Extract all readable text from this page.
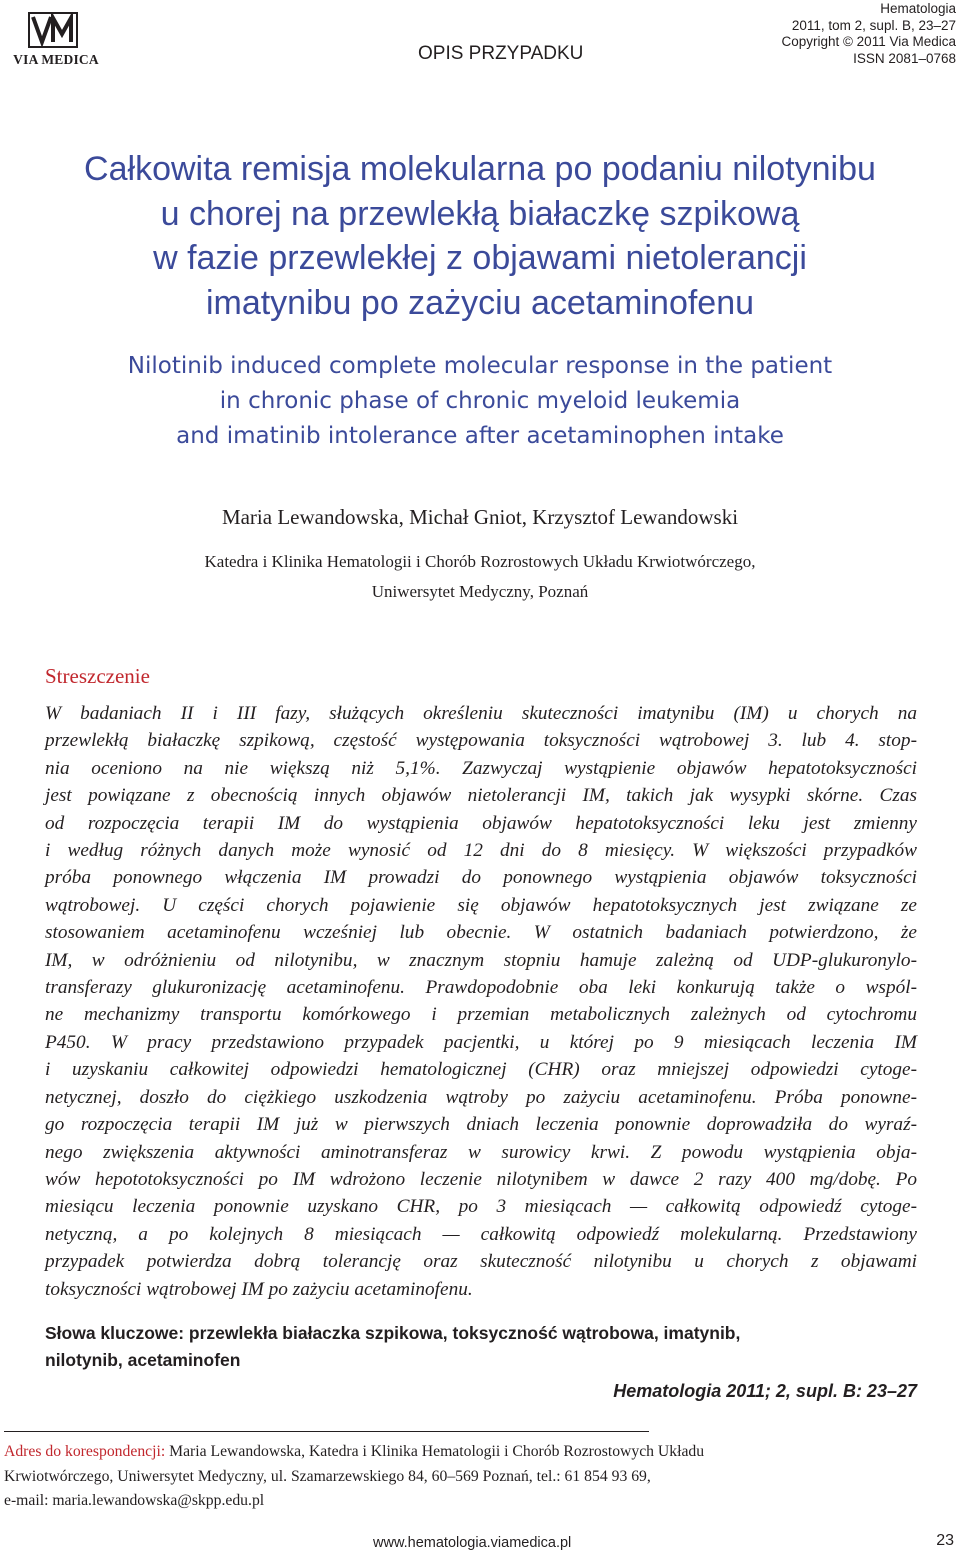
VIA MEDICA	OPIS PRZYPADKU
Hematologia
2011, tom 2, supl. B, 23–27
Copyright © 2011 Via Medica
ISSN 2081–0768
Całkowita remisja molekularna po podaniu nilotynibu
u chorej na przewlekłą białaczkę szpikową
w fazie przewlekłej z objawami nietolerancji
imatynibu po zażyciu acetaminofenu
Nilotinib induced complete molecular response in the patient
in chronic phase of chronic myeloid leukemia
and imatinib intolerance after acetaminophen intake
Maria Lewandowska, Michał Gniot, Krzysztof Lewandowski
Katedra i Klinika Hematologii i Chorób Rozrostowych Układu Krwiotwórczego,
Uniwersytet Medyczny, Poznań
Streszczenie
W badaniach II i III fazy, służących określeniu skuteczności imatynibu (IM) u chorych na
przewlekłą białaczkę szpikową, częstość występowania toksyczności wątrobowej 3. lub 4. stop-
nia oceniono na nie większą niż 5,1%. Zazwyczaj wystąpienie objawów hepatotoksyczności
jest powiązane z obecnością innych objawów nietolerancji IM, takich jak wysypki skórne. Czas
od rozpoczęcia terapii IM do wystąpienia objawów hepatotoksyczności leku jest zmienny
i według różnych danych może wynosić od 12 dni do 8 miesięcy. W większości przypadków
próba ponownego włączenia IM prowadzi do ponownego wystąpienia objawów toksyczności
wątrobowej. U części chorych pojawienie się objawów hepatotoksycznych jest związane ze
stosowaniem acetaminofenu wcześniej lub obecnie. W ostatnich badaniach potwierdzono, że
IM, w odróżnieniu od nilotynibu, w znacznym stopniu hamuje zależną od UDP-glukuronylo-
transferazy glukuronizację acetaminofenu. Prawdopodobnie oba leki konkurują także o wspól-
ne mechanizmy transportu komórkowego i przemian metabolicznych zależnych od cytochromu
P450. W pracy przedstawiono przypadek pacjentki, u której po 9 miesiącach leczenia IM
i uzyskaniu całkowitej odpowiedzi hematologicznej (CHR) oraz mniejszej odpowiedzi cytoge-
netycznej, doszło do ciężkiego uszkodzenia wątroby po zażyciu acetaminofenu. Próba ponowne-
go rozpoczęcia terapii IM już w pierwszych dniach leczenia ponownie doprowadziła do wyraź-
nego zwiększenia aktywności aminotransferaz w surowicy krwi. Z powodu wystąpienia obja-
wów hepototoksyczności po IM wdrożono leczenie nilotynibem w dawce 2 razy 400 mg/dobę. Po
miesiącu leczenia ponownie uzyskano CHR, po 3 miesiącach — całkowitą odpowiedź cytoge-
netyczną, a po kolejnych 8 miesiącach — całkowitą odpowiedź molekularną. Przedstawiony
przypadek potwierdza dobrą tolerancję oraz skuteczność nilotynibu u chorych z objawami
toksyczności wątrobowej IM po zażyciu acetaminofenu.
Słowa kluczowe: przewlekła białaczka szpikowa, toksyczność wątrobowa, imatynib,
nilotynib, acetaminofen
Hematologia 2011; 2, supl. B: 23–27
Adres do korespondencji: Maria Lewandowska, Katedra i Klinika Hematologii i Chorób Rozrostowych Układu
Krwiotwórczego, Uniwersytet Medyczny, ul. Szamarzewskiego 84, 60–569 Poznań, tel.: 61 854 93 69,
e-mail: maria.lewandowska@skpp.edu.pl
www.hematologia.viamedica.pl	23
